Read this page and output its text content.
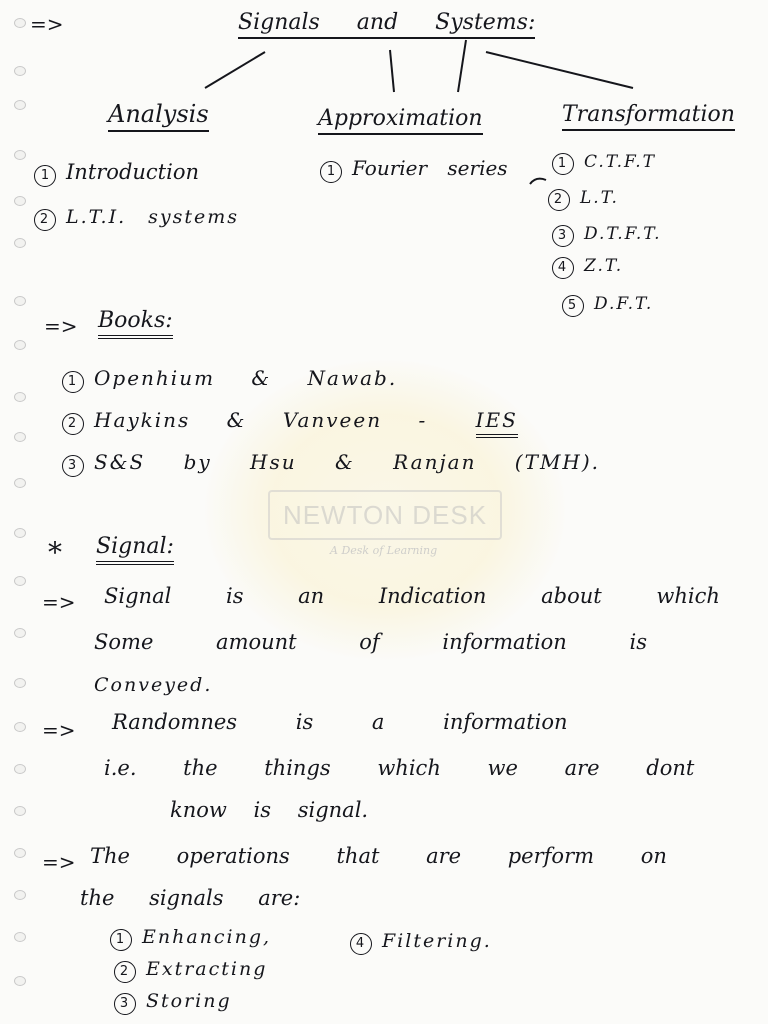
NEWTON DESK
A Desk of Learning
=>	Signals and Systems:
Analysis	Approximation	Transformation
1 Introduction
2 L.T.I. systems
1 Fourier series	1 C.T.F.T
2 L.T.
3 D.T.F.T.
4 Z.T.
5 D.F.T.
=> Books:
1 Openhium & Nawab.
2 Haykins & Vanveen - IES
3 S&S by Hsu & Ranjan (TMH).
* Signal:
=> Signal is an Indication about which
Some amount of information is
Conveyed.
=> Randomnes is a information
i.e. the things which we are dont
know is signal.
=> The operations that are perform on
the signals are:
1 Enhancing,	4 Filtering.
2 Extracting
3 Storing
